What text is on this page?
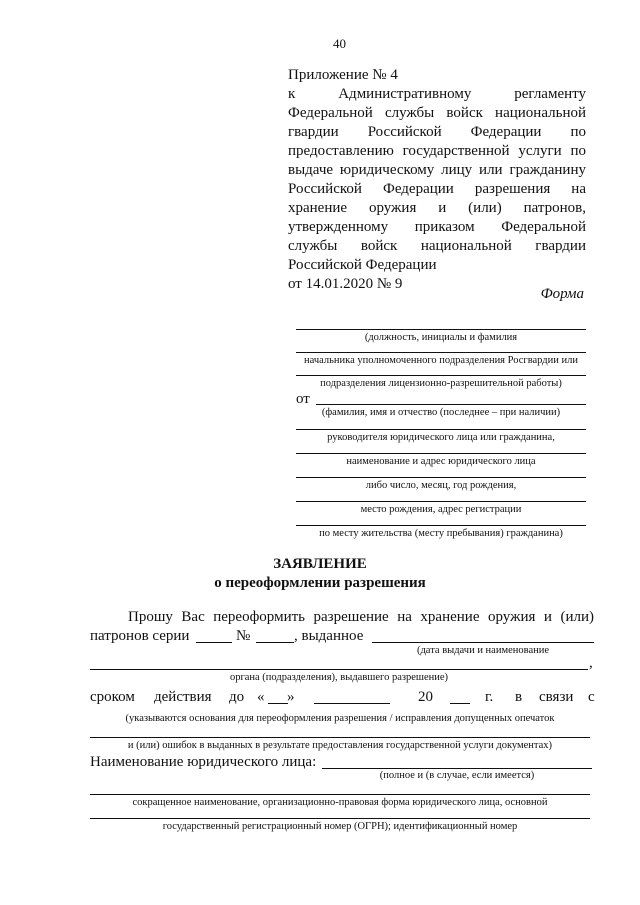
40
Приложение № 4
к Административному регламенту
Федеральной службы войск национальной
гвардии Российской Федерации по
предоставлению государственной услуги по
выдаче юридическому лицу или гражданину
Российской Федерации разрешения на
хранение оружия и (или) патронов,
утвержденному приказом Федеральной
службы войск национальной гвардии
Российской Федерации
от 14.01.2020 № 9
Форма
(должность, инициалы и фамилия
начальника уполномоченного подразделения Росгвардии или
подразделения лицензионно-разрешительной работы)
от
(фамилия, имя и отчество (последнее – при наличии)
руководителя юридического лица или гражданина,
наименование и адрес юридического лица
либо число, месяц, год рождения,
место рождения, адрес регистрации
по месту жительства (месту пребывания) гражданина)
ЗАЯВЛЕНИЕ
о переоформлении разрешения
Прошу Вас переоформить разрешение на хранение оружия и (или)
патронов серии	№	, выданное
(дата выдачи и наименование
,
органа (подразделения), выдавшего разрешение)
сроком действия до « »	20	г. в связи с
(указываются основания для переоформления разрешения / исправления допущенных опечаток
и (или) ошибок в выданных в результате предоставления государственной услуги документах)
Наименование юридического лица:
(полное и (в случае, если имеется)
сокращенное наименование, организационно-правовая форма юридического лица, основной
государственный регистрационный номер (ОГРН); идентификационный номер
